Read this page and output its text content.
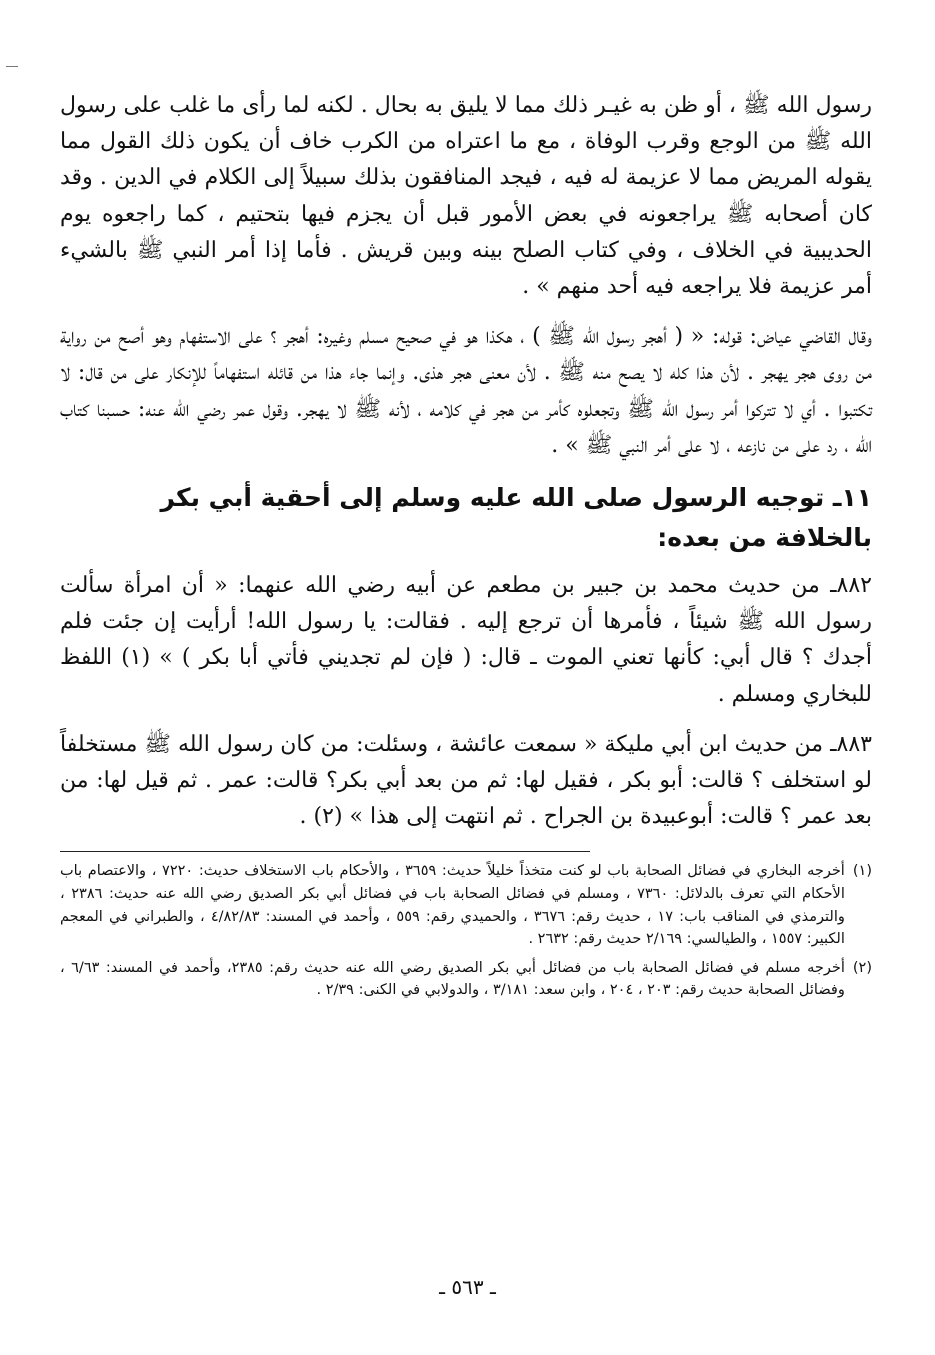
رسول الله ﷺ ، أو ظن به غيـر ذلك مما لا يليق به بحال . لكنه لما رأى ما غلب على رسول الله ﷺ من الوجع وقرب الوفاة ، مع ما اعتراه من الكرب خاف أن يكون ذلك القول مما يقوله المريض مما لا عزيمة له فيه ، فيجد المنافقون بذلك سبيلاً إلى الكلام في الدين . وقد كان أصحابه ﷺ يراجعونه في بعض الأمور قبل أن يجزم فيها بتحتيم ، كما راجعوه يوم الحديبية في الخلاف ، وفي كتاب الصلح بينه وبين قريش . فأما إذا أمر النبي ﷺ بالشيء أمر عزيمة فلا يراجعه فيه أحد منهم » .

وقال القاضي عياض: قوله: « ( أهجر رسول الله ﷺ ) ، هكذا هو في صحيح مسلم وغيره: أهجر ؟ على الاستفهام وهو أصح من رواية من روى هجر يهجر . لأن هذا كله لا يصح منه ﷺ . لأن معنى هجر هذى. وإنما جاء هذا من قائله استفهاماً للإنكار على من قال: لا تكتبوا . أي لا تتركوا أمر رسول الله ﷺ وتجعلوه كأمر من هجر في كلامه ، لأنه ﷺ لا يهجر. وقول عمر رضي الله عنه: حسبنا كتاب الله ، رد على من نازعه ، لا على أمر النبي ﷺ » .

١١ـ توجيه الرسول صلى الله عليه وسلم إلى أحقية أبي بكر بالخلافة من بعده:

٨٨٢ـ من حديث محمد بن جبير بن مطعم عن أبيه رضي الله عنهما: « أن امرأة سألت رسول الله ﷺ شيئاً ، فأمرها أن ترجع إليه . فقالت: يا رسول الله! أرأيت إن جئت فلم أجدك ؟ قال أبي: كأنها تعني الموت ـ قال: ( فإن لم تجديني فأتي أبا بكر ) » (١) اللفظ للبخاري ومسلم .

٨٨٣ـ من حديث ابن أبي مليكة « سمعت عائشة ، وسئلت: من كان رسول الله ﷺ مستخلفاً لو استخلف ؟ قالت: أبو بكر ، فقيل لها: ثم من بعد أبي بكر؟ قالت: عمر . ثم قيل لها: من بعد عمر ؟ قالت: أبوعبيدة بن الجراح . ثم انتهت إلى هذا » (٢) .

(١)
أخرجه البخاري في فضائل الصحابة باب لو كنت متخذاً خليلاً حديث: ٣٦٥٩ ، والأحكام باب الاستخلاف حديث: ٧٢٢٠ ، والاعتصام باب الأحكام التي تعرف بالدلائل: ٧٣٦٠ ، ومسلم في فضائل الصحابة باب في فضائل أبي بكر الصديق رضي الله عنه حديث: ٢٣٨٦ ، والترمذي في المناقب باب: ١٧ ، حديث رقم: ٣٦٧٦ ، والحميدي رقم: ٥٥٩ ، وأحمد في المسند: ٤/٨٢/٨٣ ، والطبراني في المعجم الكبير: ١٥٥٧ ، والطيالسي: ٢/١٦٩ حديث رقم: ٢٦٣٢ .
(٢)
أخرجه مسلم في فضائل الصحابة باب من فضائل أبي بكر الصديق رضي الله عنه حديث رقم: ٢٣٨٥، وأحمد في المسند: ٦/٦٣ ، وفضائل الصحابة حديث رقم: ٢٠٣ ، ٢٠٤ ، وابن سعد: ٣/١٨١ ، والدولابي في الكنى: ٢/٣٩ .
ـ ٥٦٣ ـ
